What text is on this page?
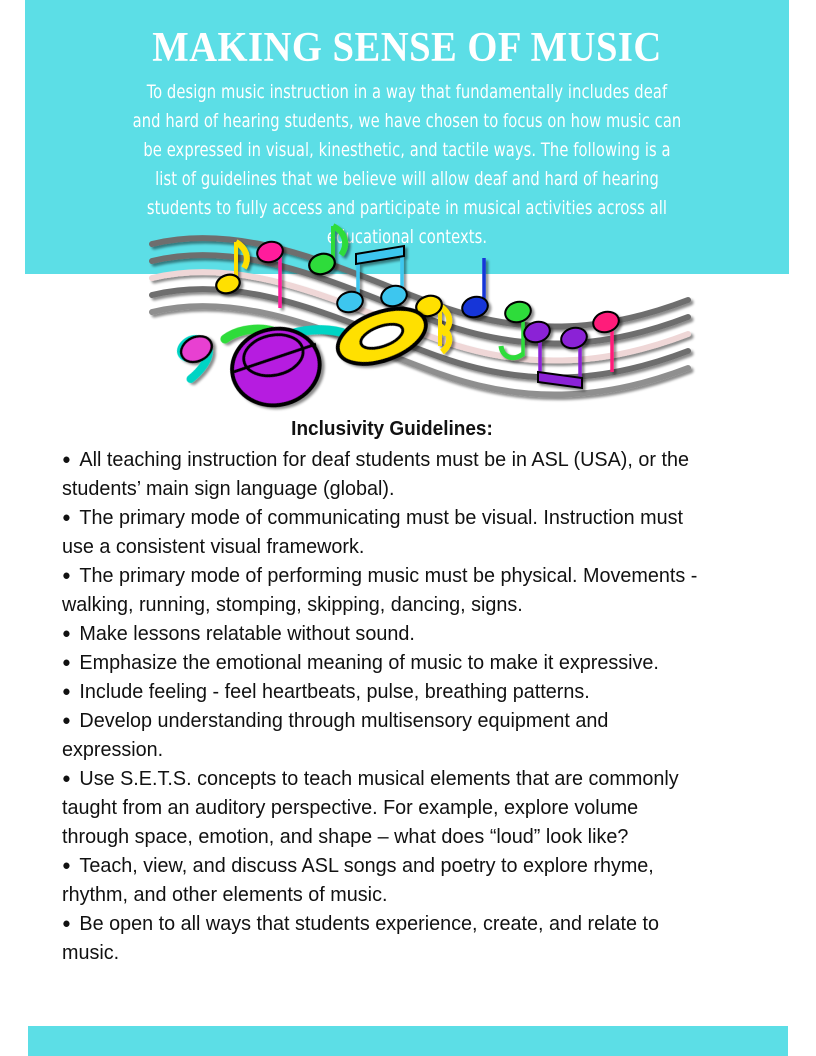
MAKING SENSE OF MUSIC
To design music instruction in a way that fundamentally includes deaf and hard of hearing students, we have chosen to focus on how music can be expressed in visual, kinesthetic, and tactile ways. The following is a list of guidelines that we believe will allow deaf and hard of hearing students to fully access and participate in musical activities across all educational contexts.
Inclusivity Guidelines:
● All teaching instruction for deaf students must be in ASL (USA), or the students’ main sign language (global).
● The primary mode of communicating must be visual. Instruction must use a consistent visual framework.
● The primary mode of performing music must be physical. Movements - walking, running, stomping, skipping, dancing, signs.
● Make lessons relatable without sound.
● Emphasize the emotional meaning of music to make it expressive.
● Include feeling - feel heartbeats, pulse, breathing patterns.
● Develop understanding through multisensory equipment and expression.
● Use S.E.T.S. concepts to teach musical elements that are commonly taught from an auditory perspective. For example, explore volume through space, emotion, and shape – what does “loud” look like?
● Teach, view, and discuss ASL songs and poetry to explore rhyme, rhythm, and other elements of music.
● Be open to all ways that students experience, create, and relate to music.
